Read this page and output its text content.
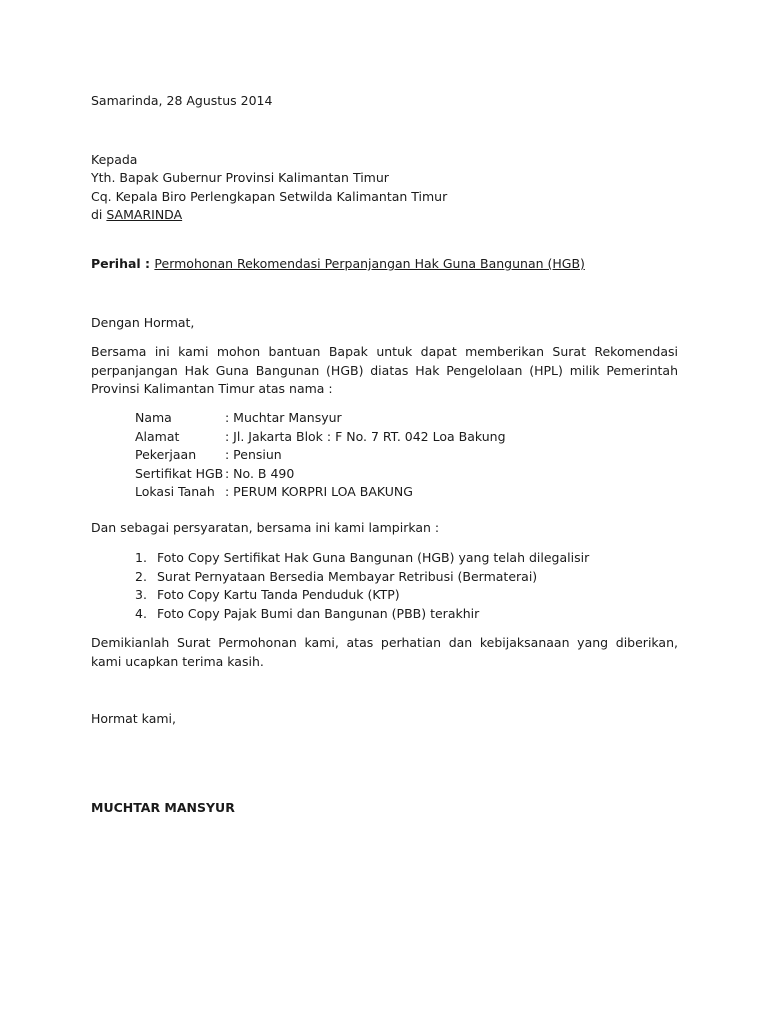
Samarinda, 28 Agustus 2014
Kepada
Yth. Bapak Gubernur Provinsi Kalimantan Timur
Cq. Kepala Biro Perlengkapan Setwilda Kalimantan Timur
di SAMARINDA
Perihal : Permohonan Rekomendasi Perpanjangan Hak Guna Bangunan (HGB)
Dengan Hormat,
Bersama ini kami mohon bantuan Bapak untuk dapat memberikan Surat Rekomendasi perpanjangan Hak Guna Bangunan (HGB) diatas Hak Pengelolaan (HPL) milik Pemerintah Provinsi Kalimantan Timur atas nama :
Nama	: Muchtar Mansyur
Alamat	: Jl. Jakarta Blok : F No. 7 RT. 042 Loa Bakung
Pekerjaan	: Pensiun
Sertifikat HGB : No. B 490
Lokasi Tanah : PERUM KORPRI LOA BAKUNG
Dan sebagai persyaratan, bersama ini kami lampirkan :
1. Foto Copy Sertifikat Hak Guna Bangunan (HGB) yang telah dilegalisir
2. Surat Pernyataan Bersedia Membayar Retribusi (Bermaterai)
3. Foto Copy Kartu Tanda Penduduk (KTP)
4. Foto Copy Pajak Bumi dan Bangunan (PBB) terakhir
Demikianlah Surat Permohonan kami, atas perhatian dan kebijaksanaan yang diberikan, kami ucapkan terima kasih.
Hormat kami,
MUCHTAR MANSYUR
